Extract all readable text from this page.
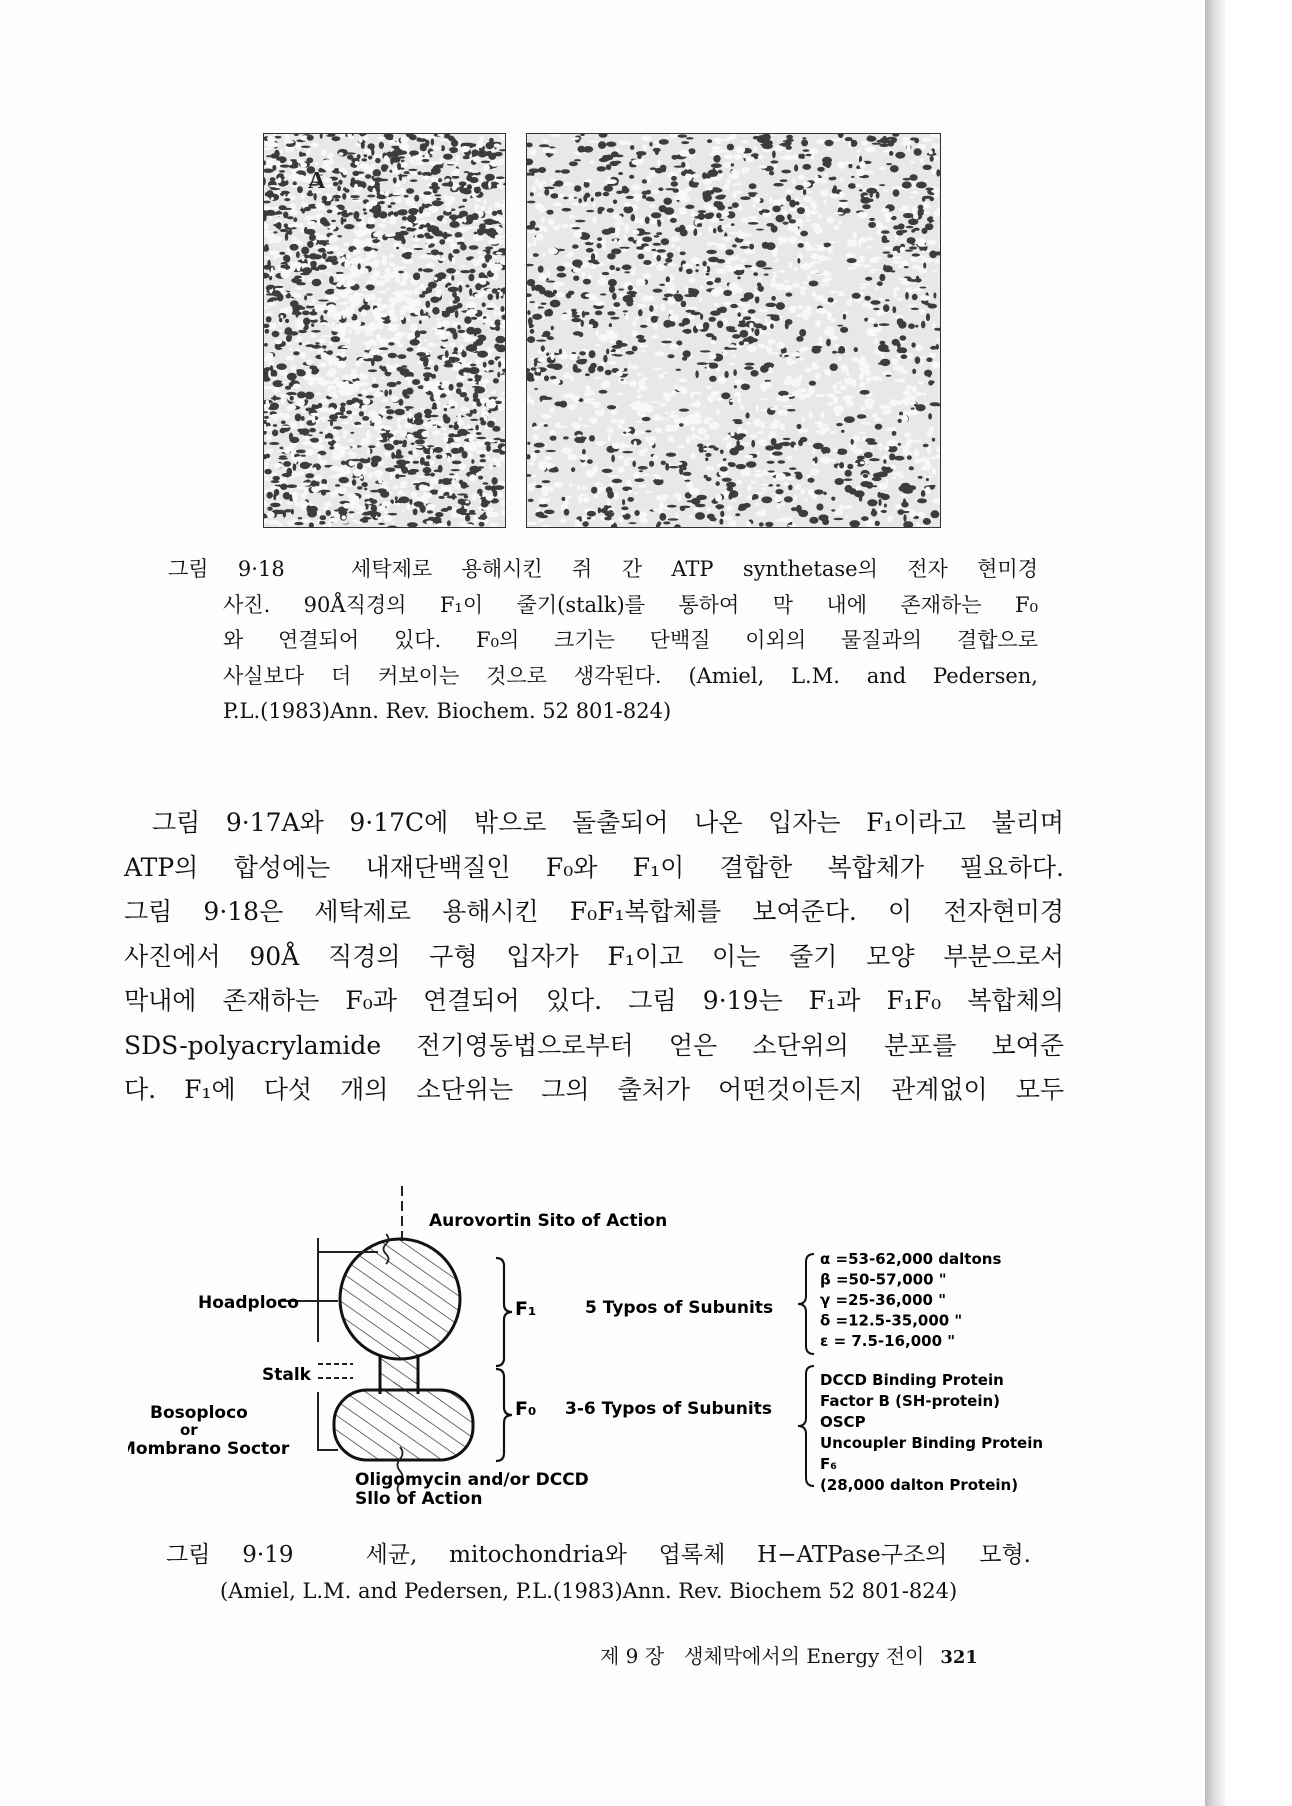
A
그림 9·18　세탁제로 용해시킨 쥐 간 ATP synthetase의 전자 현미경
사진. 90Å직경의 F₁이 줄기(stalk)를 통하여 막 내에 존재하는 F₀
와 연결되어 있다. F₀의 크기는 단백질 이외의 물질과의 결합으로
사실보다 더 커보이는 것으로 생각된다. (Amiel, L.M. and Pedersen,
P.L.(1983)Ann. Rev. Biochem. 52 801-824)
그림 9·17A와 9·17C에 밖으로 돌출되어 나온 입자는 F₁이라고 불리며
ATP의 합성에는 내재단백질인 F₀와 F₁이 결합한 복합체가 필요하다.
그림 9·18은 세탁제로 용해시킨 F₀F₁복합체를 보여준다. 이 전자현미경
사진에서 90Å 직경의 구형 입자가 F₁이고 이는 줄기 모양 부분으로서
막내에 존재하는 F₀과 연결되어 있다. 그림 9·19는 F₁과 F₁F₀ 복합체의
SDS-polyacrylamide 전기영동법으로부터 얻은 소단위의 분포를 보여준
다. F₁에 다섯 개의 소단위는 그의 출처가 어떤것이든지 관계없이 모두
Aurovortin Sito of Action
Hoadploco
Stalk
Bosoploco
or
Mombrano Soctor
Oligomycin and/or DCCD
Sllo of Action
F₁
F₀
5 Typos of Subunits
3-6 Typos of Subunits
α =53-62,000 daltons
β =50-57,000 "
γ =25-36,000 "
δ =12.5-35,000 "
ε = 7.5-16,000 "
DCCD Binding Protein
Factor B (SH-protein)
OSCP
Uncoupler Binding Protein
F₆
(28,000 dalton Protein)
그림 9·19　세균, mitochondria와 엽록체 H−ATPase구조의 모형.
(Amiel, L.M. and Pedersen, P.L.(1983)Ann. Rev. Biochem 52 801-824)
제 9 장　생체막에서의 Energy 전이 321
